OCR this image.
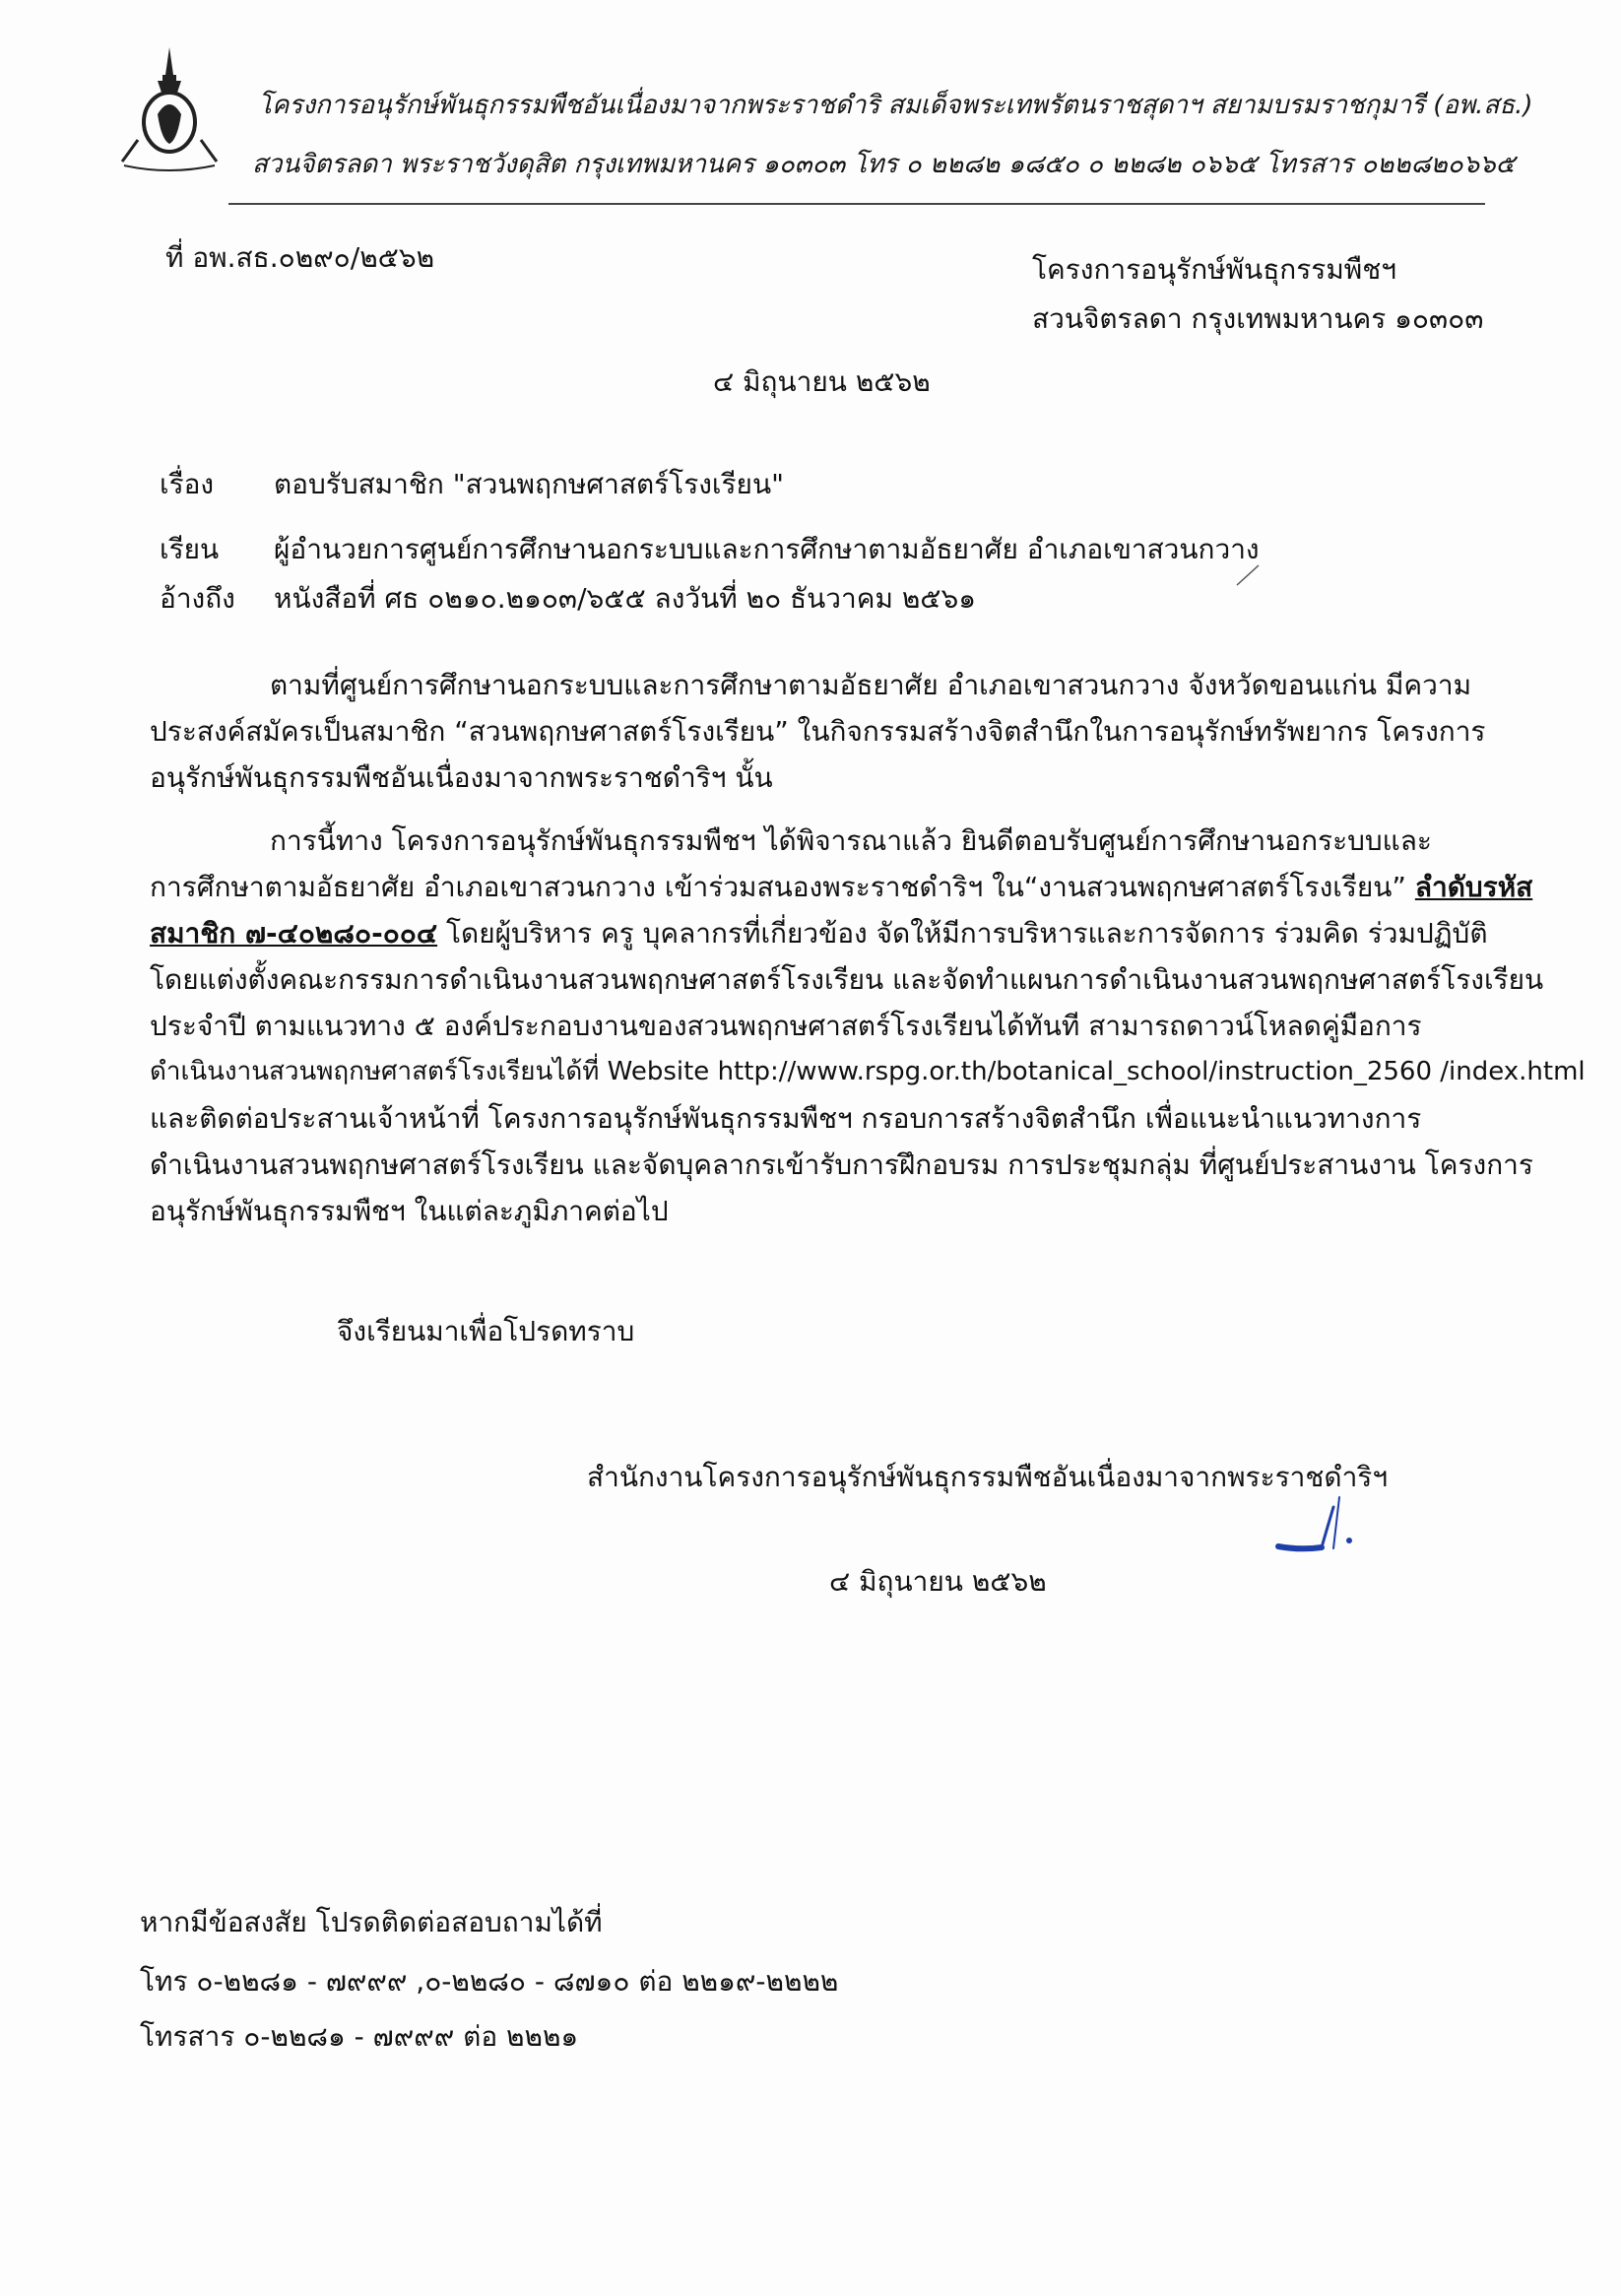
โครงการอนุรักษ์พันธุกรรมพืชอันเนื่องมาจากพระราชดำริ สมเด็จพระเทพรัตนราชสุดาฯ สยามบรมราชกุมารี (อพ.สธ.)
สวนจิตรลดา พระราชวังดุสิต กรุงเทพมหานคร ๑๐๓๐๓ โทร ๐ ๒๒๘๒ ๑๘๕๐ ๐ ๒๒๘๒ ๐๖๖๕ โทรสาร ๐๒๒๘๒๐๖๖๕
ที่ อพ.สธ.๐๒๙๐/๒๕๖๒	โครงการอนุรักษ์พันธุกรรมพืชฯ
สวนจิตรลดา กรุงเทพมหานคร ๑๐๓๐๓
๔ มิถุนายน ๒๕๖๒
เรื่อง ตอบรับสมาชิก "สวนพฤกษศาสตร์โรงเรียน"
เรียน ผู้อำนวยการศูนย์การศึกษานอกระบบและการศึกษาตามอัธยาศัย อำเภอเขาสวนกวาง
อ้างถึง หนังสือที่ ศธ ๐๒๑๐.๒๑๐๓/๖๕๕ ลงวันที่ ๒๐ ธันวาคม ๒๕๖๑
ตามที่ศูนย์การศึกษานอกระบบและการศึกษาตามอัธยาศัย อำเภอเขาสวนกวาง จังหวัดขอนแก่น มีความ
ประสงค์สมัครเป็นสมาชิก “สวนพฤกษศาสตร์โรงเรียน” ในกิจกรรมสร้างจิตสำนึกในการอนุรักษ์ทรัพยากร โครงการ
อนุรักษ์พันธุกรรมพืชอันเนื่องมาจากพระราชดำริฯ นั้น
การนี้ทาง โครงการอนุรักษ์พันธุกรรมพืชฯ ได้พิจารณาแล้ว ยินดีตอบรับศูนย์การศึกษานอกระบบและ
การศึกษาตามอัธยาศัย อำเภอเขาสวนกวาง เข้าร่วมสนองพระราชดำริฯ ใน“งานสวนพฤกษศาสตร์โรงเรียน” ลำดับรหัส
สมาชิก ๗-๔๐๒๘๐-๐๐๔ โดยผู้บริหาร ครู บุคลากรที่เกี่ยวข้อง จัดให้มีการบริหารและการจัดการ ร่วมคิด ร่วมปฏิบัติ
โดยแต่งตั้งคณะกรรมการดำเนินงานสวนพฤกษศาสตร์โรงเรียน และจัดทำแผนการดำเนินงานสวนพฤกษศาสตร์โรงเรียน
ประจำปี ตามแนวทาง ๕ องค์ประกอบงานของสวนพฤกษศาสตร์โรงเรียนได้ทันที สามารถดาวน์โหลดคู่มือการ
ดำเนินงานสวนพฤกษศาสตร์โรงเรียนได้ที่ Website http://www.rspg.or.th/botanical_school/instruction_2560 /index.html
และติดต่อประสานเจ้าหน้าที่ โครงการอนุรักษ์พันธุกรรมพืชฯ กรอบการสร้างจิตสำนึก เพื่อแนะนำแนวทางการ
ดำเนินงานสวนพฤกษศาสตร์โรงเรียน และจัดบุคลากรเข้ารับการฝึกอบรม การประชุมกลุ่ม ที่ศูนย์ประสานงาน โครงการ
อนุรักษ์พันธุกรรมพืชฯ ในแต่ละภูมิภาคต่อไป
จึงเรียนมาเพื่อโปรดทราบ
สำนักงานโครงการอนุรักษ์พันธุกรรมพืชอันเนื่องมาจากพระราชดำริฯ
๔ มิถุนายน ๒๕๖๒
หากมีข้อสงสัย โปรดติดต่อสอบถามได้ที่
โทร ๐-๒๒๘๑ - ๗๙๙๙ ,๐-๒๒๘๐ - ๘๗๑๐ ต่อ ๒๒๑๙-๒๒๒๒
โทรสาร ๐-๒๒๘๑ - ๗๙๙๙ ต่อ ๒๒๒๑
